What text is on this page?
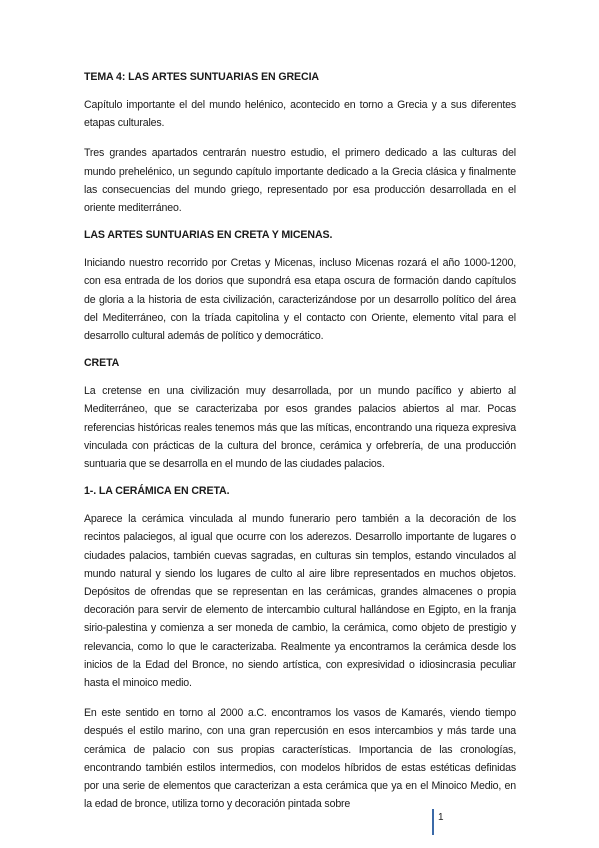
TEMA 4: LAS ARTES SUNTUARIAS EN GRECIA

Capítulo importante el del mundo helénico, acontecido en torno a Grecia y a sus diferentes etapas culturales.

Tres grandes apartados centrarán nuestro estudio, el primero dedicado a las culturas del mundo prehelénico, un segundo capítulo importante dedicado a la Grecia clásica y finalmente las consecuencias del mundo griego, representado por esa producción desarrollada en el oriente mediterráneo.

LAS ARTES SUNTUARIAS EN CRETA Y MICENAS.

Iniciando nuestro recorrido por Cretas y Micenas, incluso Micenas rozará el año 1000-1200, con esa entrada de los dorios que supondrá esa etapa oscura de formación dando capítulos de gloria a la historia de esta civilización, caracterizándose por un desarrollo político del área del Mediterráneo, con la tríada capitolina y el contacto con Oriente, elemento vital para el desarrollo cultural además de político y democrático.

CRETA

La cretense en una civilización muy desarrollada, por un mundo pacífico y abierto al Mediterráneo, que se caracterizaba por esos grandes palacios abiertos al mar. Pocas referencias históricas reales tenemos más que las míticas, encontrando una riqueza expresiva vinculada con prácticas de la cultura del bronce, cerámica y orfebrería, de una producción suntuaria que se desarrolla en el mundo de las ciudades palacios.

1-. LA CERÁMICA EN CRETA.

Aparece la cerámica vinculada al mundo funerario pero también a la decoración de los recintos palaciegos, al igual que ocurre con los aderezos. Desarrollo importante de lugares o ciudades palacios, también cuevas sagradas, en culturas sin templos, estando vinculados al mundo natural y siendo los lugares de culto al aire libre representados en muchos objetos. Depósitos de ofrendas que se representan en las cerámicas, grandes almacenes o propia decoración para servir de elemento de intercambio cultural hallándose en Egipto, en la franja sirio-palestina y comienza a ser moneda de cambio, la cerámica, como objeto de prestigio y relevancia, como lo que le caracterizaba. Realmente ya encontramos la cerámica desde los inicios de la Edad del Bronce, no siendo artística, con expresividad o idiosincrasia peculiar hasta el minoico medio.

En este sentido en torno al 2000 a.C. encontramos los vasos de Kamarés, viendo tiempo después el estilo marino, con una gran repercusión en esos intercambios y más tarde una cerámica de palacio con sus propias características. Importancia de las cronologías, encontrando también estilos intermedios, con modelos híbridos de estas estéticas definidas por una serie de elementos que caracterizan a esta cerámica que ya en el Minoico Medio, en la edad de bronce, utiliza torno y decoración pintada sobre

1
